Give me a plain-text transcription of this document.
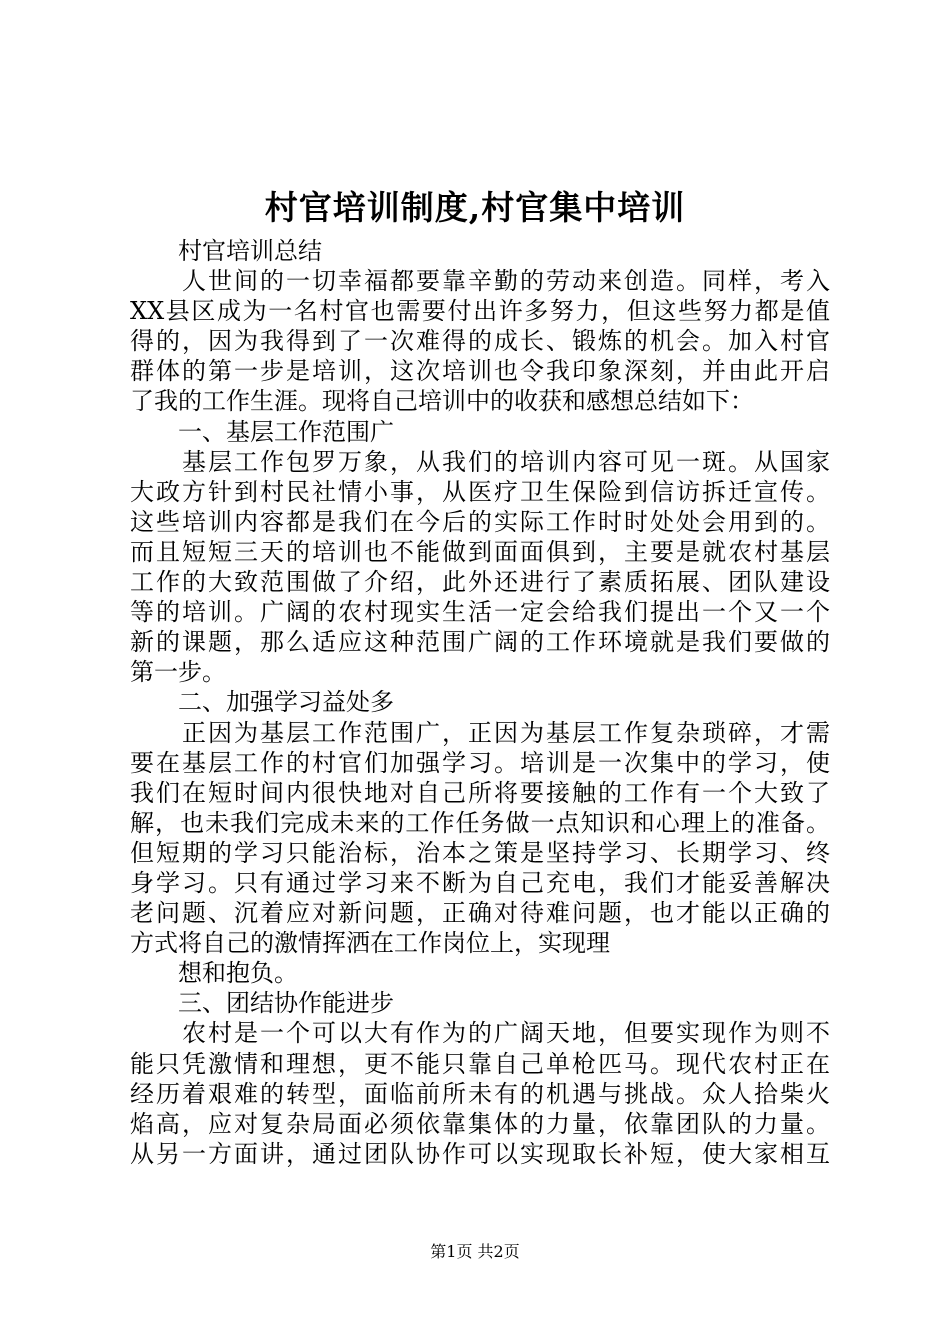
村官培训制度,村官集中培训
　　村官培训总结
　　人世间的一切幸福都要靠辛勤的劳动来创造。同样，考入
XX县区成为一名村官也需要付出许多努力，但这些努力都是值
得的，因为我得到了一次难得的成长、锻炼的机会。加入村官
群体的第一步是培训，这次培训也令我印象深刻，并由此开启
了我的工作生涯。现将自己培训中的收获和感想总结如下：
　　一、基层工作范围广
　　基层工作包罗万象，从我们的培训内容可见一斑。从国家
大政方针到村民社情小事，从医疗卫生保险到信访拆迁宣传。
这些培训内容都是我们在今后的实际工作时时处处会用到的。
而且短短三天的培训也不能做到面面俱到，主要是就农村基层
工作的大致范围做了介绍，此外还进行了素质拓展、团队建设
等的培训。广阔的农村现实生活一定会给我们提出一个又一个
新的课题，那么适应这种范围广阔的工作环境就是我们要做的
第一步。
　　二、加强学习益处多
　　正因为基层工作范围广，正因为基层工作复杂琐碎，才需
要在基层工作的村官们加强学习。培训是一次集中的学习，使
我们在短时间内很快地对自己所将要接触的工作有一个大致了
解，也未我们完成未来的工作任务做一点知识和心理上的准备。
但短期的学习只能治标，治本之策是坚持学习、长期学习、终
身学习。只有通过学习来不断为自己充电，我们才能妥善解决
老问题、沉着应对新问题，正确对待难问题，也才能以正确的
方式将自己的激情挥洒在工作岗位上，实现理
　　想和抱负。
　　三、团结协作能进步
　　农村是一个可以大有作为的广阔天地，但要实现作为则不
能只凭激情和理想，更不能只靠自己单枪匹马。现代农村正在
经历着艰难的转型，面临前所未有的机遇与挑战。众人拾柴火
焰高，应对复杂局面必须依靠集体的力量，依靠团队的力量。
从另一方面讲，通过团队协作可以实现取长补短，使大家相互
第1页 共2页
